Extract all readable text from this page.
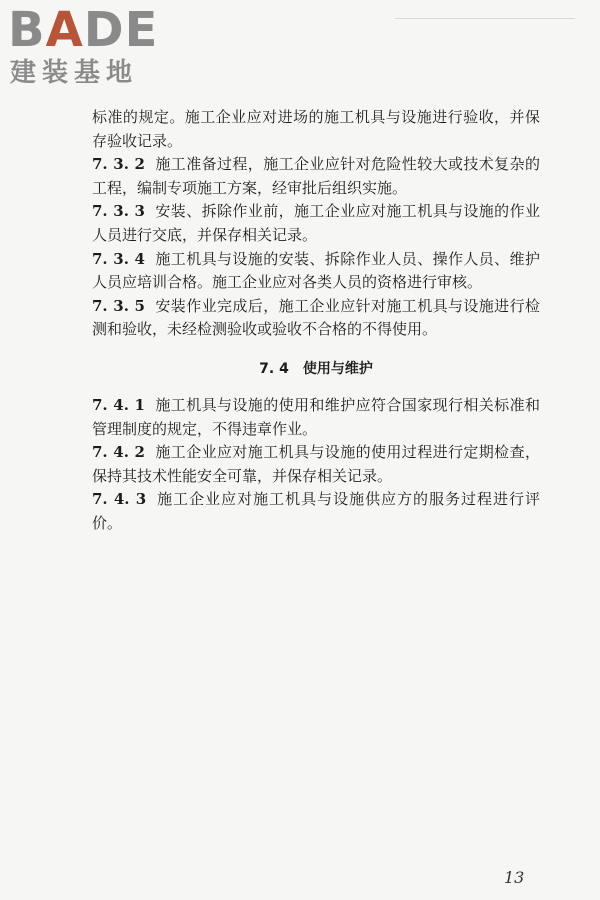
BADE
建装基地

标准的规定。施工企业应对进场的施工机具与设施进行验收，并保存验收记录。

7. 3. 2 施工准备过程，施工企业应针对危险性较大或技术复杂的工程，编制专项施工方案，经审批后组织实施。

7. 3. 3 安装、拆除作业前，施工企业应对施工机具与设施的作业人员进行交底，并保存相关记录。

7. 3. 4 施工机具与设施的安装、拆除作业人员、操作人员、维护人员应培训合格。施工企业应对各类人员的资格进行审核。

7. 3. 5 安装作业完成后，施工企业应针对施工机具与设施进行检测和验收，未经检测验收或验收不合格的不得使用。

7. 4 使用与维护

7. 4. 1 施工机具与设施的使用和维护应符合国家现行相关标准和管理制度的规定，不得违章作业。

7. 4. 2 施工企业应对施工机具与设施的使用过程进行定期检查，保持其技术性能安全可靠，并保存相关记录。

7. 4. 3 施工企业应对施工机具与设施供应方的服务过程进行评价。

13
